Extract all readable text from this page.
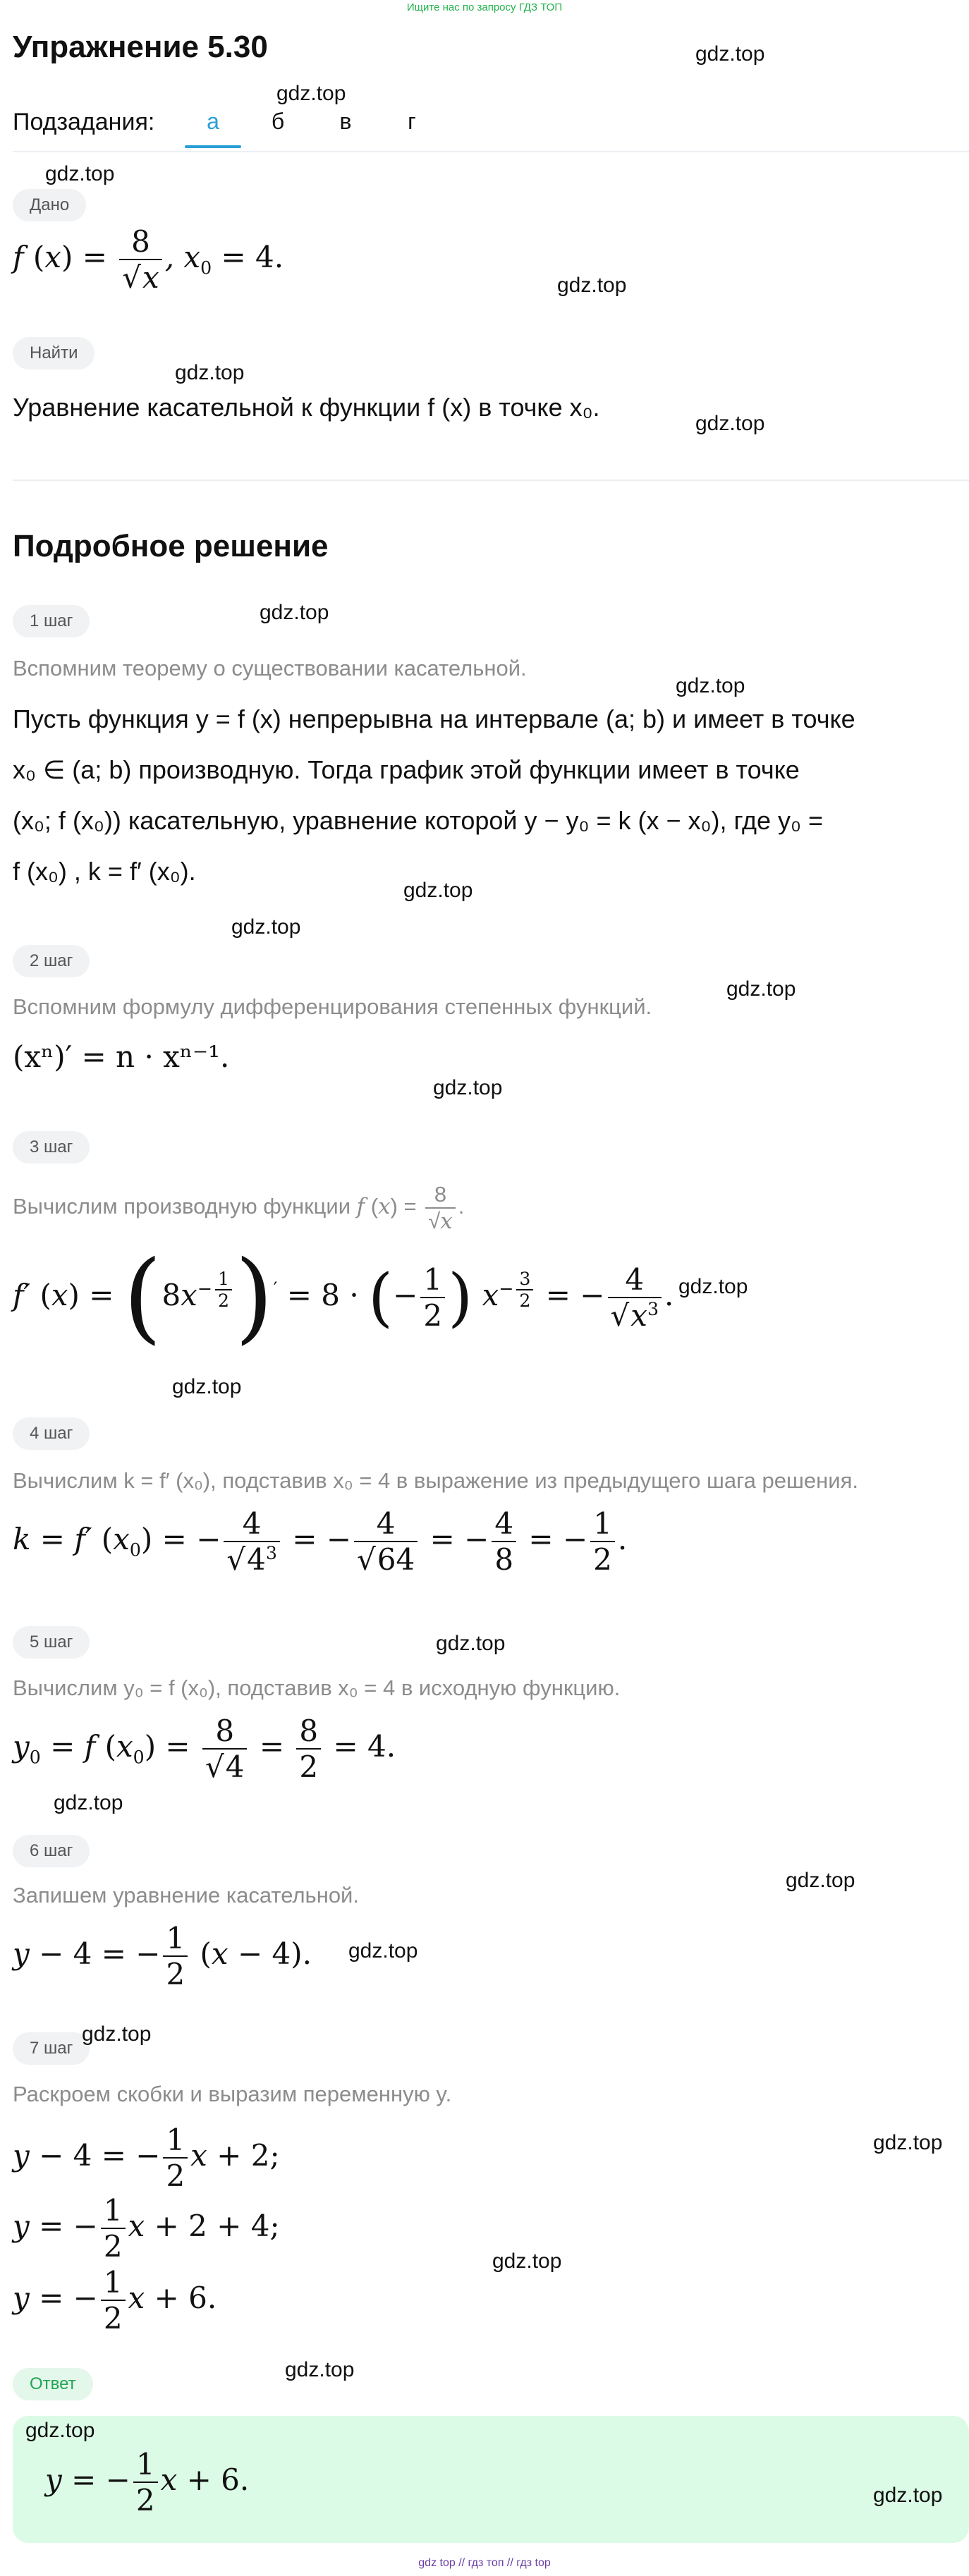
Ищите нас по запросу ГДЗ ТОП
Упражнение 5.30
Подзадания:	а	б	в	г
Дано
f $(x) = \frac{8}{√x}$ , $x_0 = 4$.
Найти
Уравнение касательной к функции f (x) в точке x₀.
Подробное решение
1 шаг
Вспомним теорему о существовании касательной.
Пусть функция y = f (x) непрерывна на интервале (a; b) и имеет в точке
x₀ ∈ (a; b) производную. Тогда график этой функции имеет в точке
(x₀; f (x₀)) касательную, уравнение которой y − y₀ = k (x − x₀), где y₀ =
f (x₀) , k = f′ (x₀).
2 шаг
Вспомним формулу дифференцирования степенных функций.
(xⁿ)′ = n · xⁿ⁻¹.
3 шаг
Вычислим производную функции f $(x) = \frac{8}{√x}$ .
f′ $(x) = (8x^{- \frac{1}{2}}$ )′ = 8 · (− $\frac{1}{2}$ ) $x^{- \frac{3}{2}}$ = − $\frac{4}{√x^3}$ .
4 шаг
Вычислим k = f′ (x₀), подставив x₀ = 4 в выражение из предыдущего шага решения.
k = f′ $(x_0)$ = − $\frac{4}{√4^3}$ = − $\frac{4}{√64}$ = − $\frac{4}{8}$ = − $\frac{1}{2}$ .
5 шаг
Вычислим y₀ = f (x₀), подставив x₀ = 4 в исходную функцию.
$y_0 = f$ $(x_0) = \frac{8}{√4} = \frac{8}{2} = 4$.
6 шаг
Запишем уравнение касательной.
y − 4 = − $\frac{1}{2} (x - 4)$.
7 шаг
Раскроем скобки и выразим переменную y.
y − 4 = − $\frac{1}{2}$ x + 2;
y = − $\frac{1}{2}$ x + 2 + 4;
y = − $\frac{1}{2}$ x + 6.
Ответ
y = − $\frac{1}{2}$ x + 6.
gdz.top
gdz.top
gdz.top
gdz.top
gdz.top
gdz.top
gdz.top
gdz.top
gdz.top
gdz.top
gdz.top
gdz.top
gdz.top
gdz.top
gdz.top
gdz.top
gdz.top
gdz.top
gdz.top
gdz.top
gdz.top
gdz.top
gdz.top
gdz.top
gdz top // гдз топ // гдз top
